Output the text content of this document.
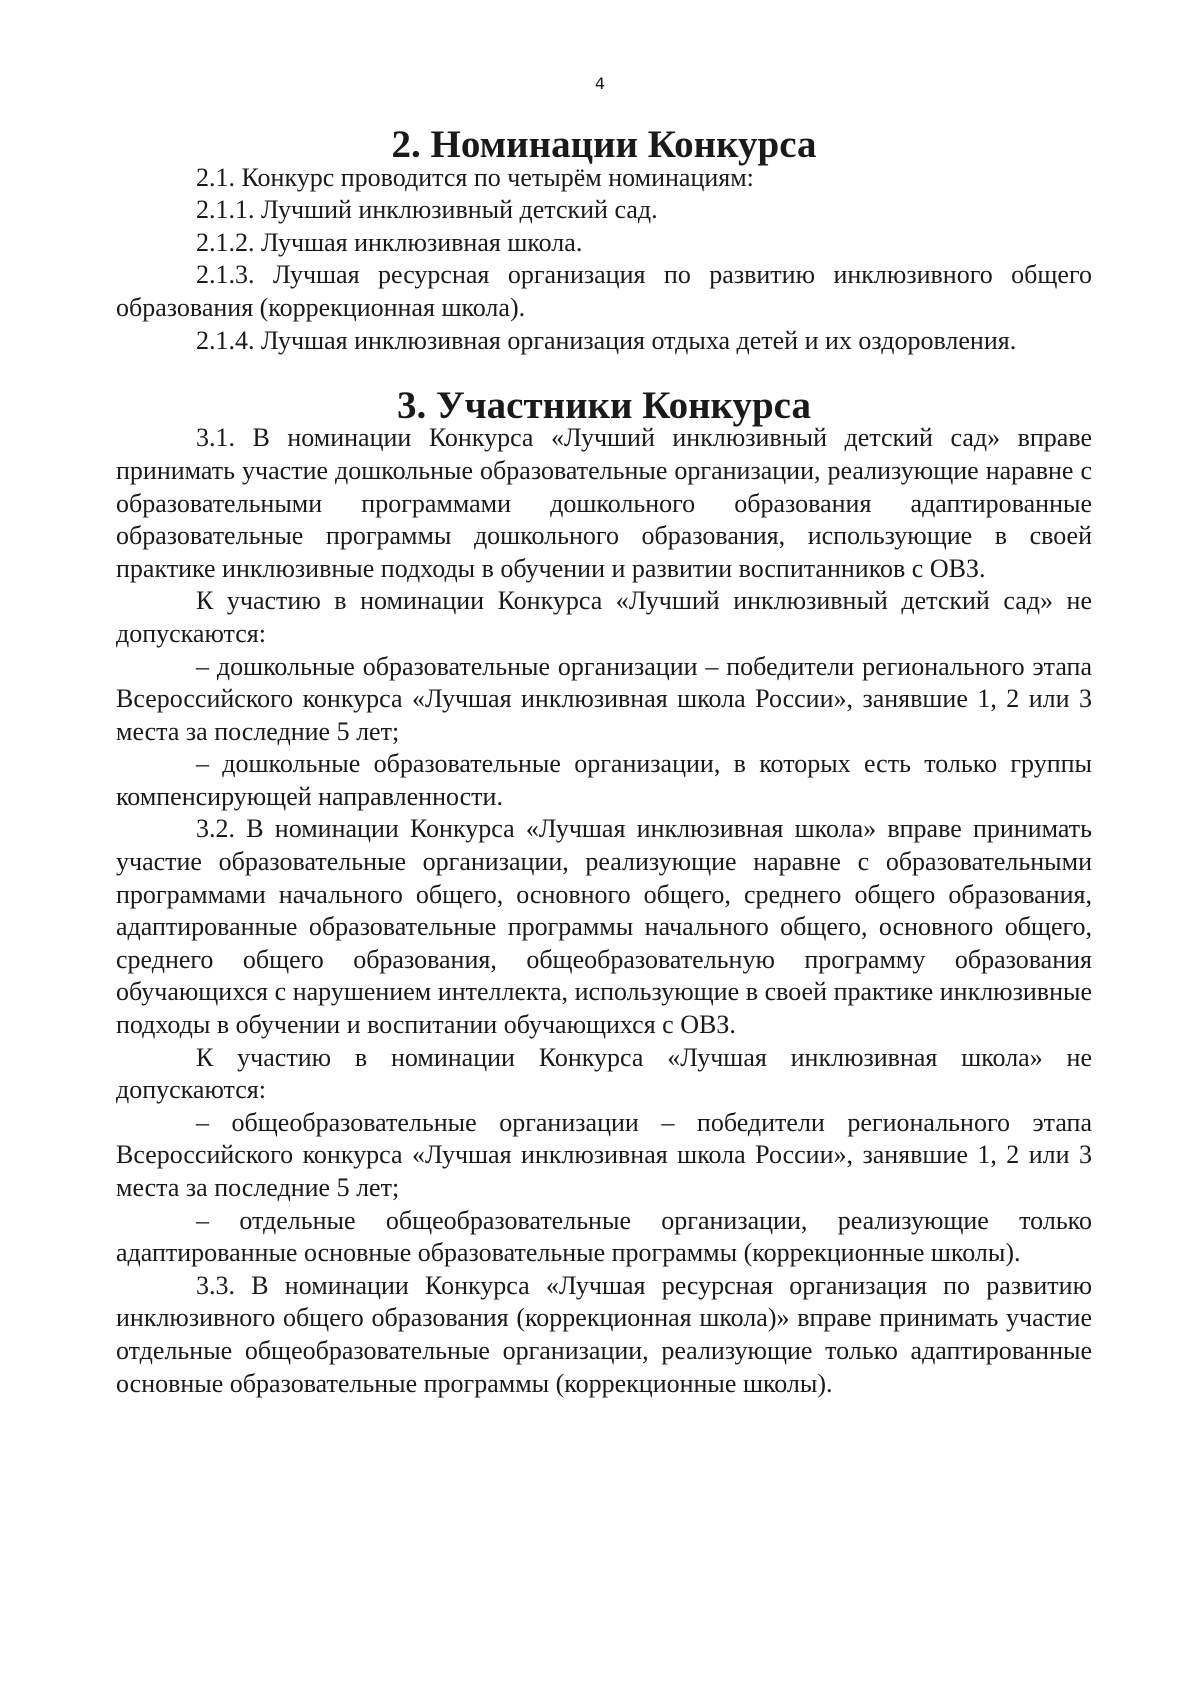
4
2. Номинации Конкурса

2.1. Конкурс проводится по четырём номинациям:

2.1.1. Лучший инклюзивный детский сад.

2.1.2. Лучшая инклюзивная школа.

2.1.3. Лучшая ресурсная организация по развитию инклюзивного общего образования (коррекционная школа).

2.1.4. Лучшая инклюзивная организация отдыха детей и их оздоровления.

3. Участники Конкурса

3.1. В номинации Конкурса «Лучший инклюзивный детский сад» вправе принимать участие дошкольные образовательные организации, реализующие наравне с образовательными программами дошкольного образования адаптированные образовательные программы дошкольного образования, использующие в своей практике инклюзивные подходы в обучении и развитии воспитанников с ОВЗ.

К участию в номинации Конкурса «Лучший инклюзивный детский сад» не допускаются:

– дошкольные образовательные организации – победители регионального этапа Всероссийского конкурса «Лучшая инклюзивная школа России», занявшие 1, 2 или 3 места за последние 5 лет;

– дошкольные образовательные организации, в которых есть только группы компенсирующей направленности.

3.2. В номинации Конкурса «Лучшая инклюзивная школа» вправе принимать участие образовательные организации, реализующие наравне с образовательными программами начального общего, основного общего, среднего общего образования, адаптированные образовательные программы начального общего, основного общего, среднего общего образования, общеобразовательную программу образования обучающихся с нарушением интеллекта, использующие в своей практике инклюзивные подходы в обучении и воспитании обучающихся с ОВЗ.

К участию в номинации Конкурса «Лучшая инклюзивная школа» не допускаются:

– общеобразовательные организации – победители регионального этапа Всероссийского конкурса «Лучшая инклюзивная школа России», занявшие 1, 2 или 3 места за последние 5 лет;

– отдельные общеобразовательные организации, реализующие только адаптированные основные образовательные программы (коррекционные школы).

3.3. В номинации Конкурса «Лучшая ресурсная организация по развитию инклюзивного общего образования (коррекционная школа)» вправе принимать участие отдельные общеобразовательные организации, реализующие только адаптированные основные образовательные программы (коррекционные школы).
